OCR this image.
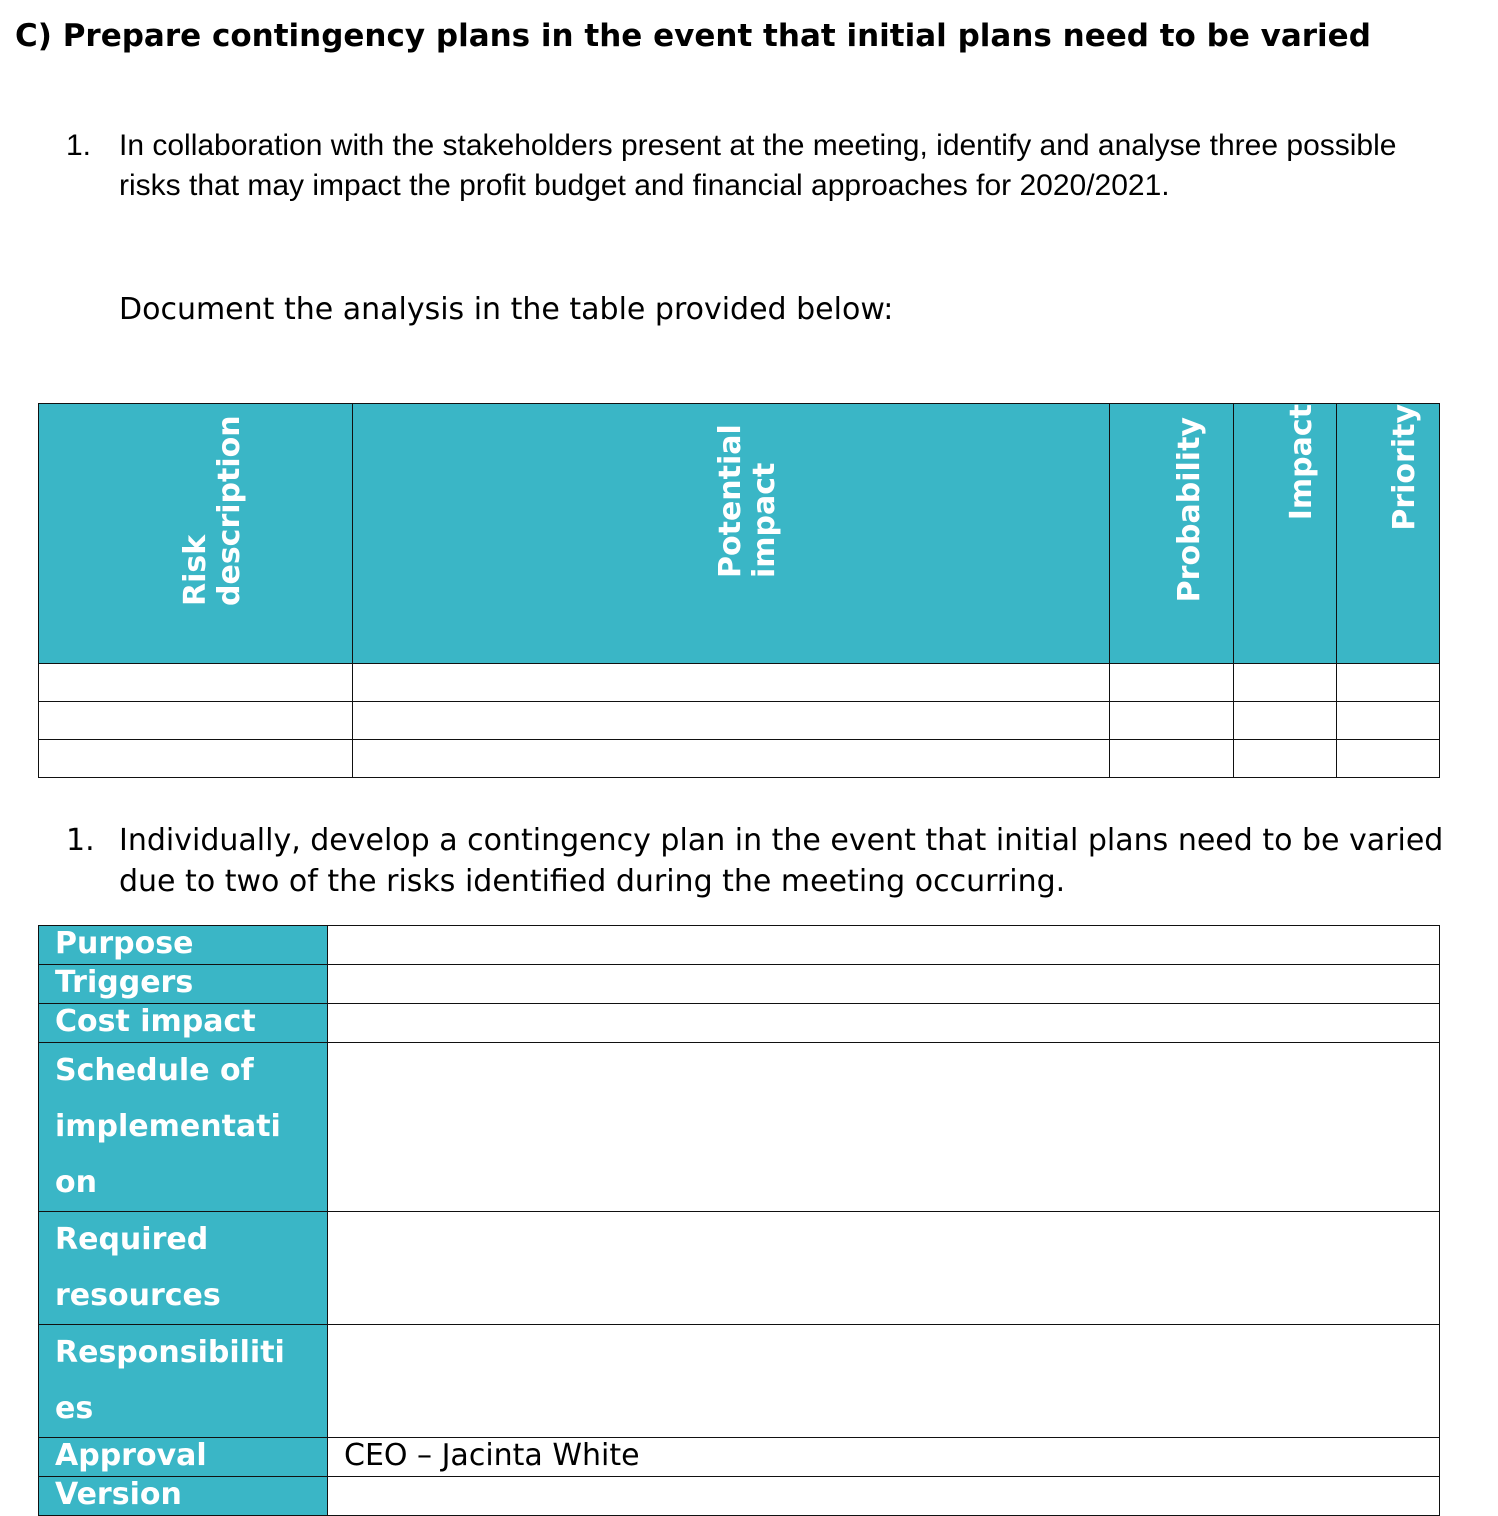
C) Prepare contingency plans in the event that initial plans need to be varied
1. In collaboration with the stakeholders present at the meeting, identify and analyse three possible risks that may impact the profit budget and financial approaches for 2020/2021.
Document the analysis in the table provided below:
Risk description	Potential impact	Probability	Impact	Priority

1. Individually, develop a contingency plan in the event that initial plans need to be varied due to two of the risks identified during the meeting occurring.
Purpose	
Triggers	
Cost impact	
Schedule of implementati on	
Required resources	
Responsibiliti es	
Approval	CEO – Jacinta White
Version	
